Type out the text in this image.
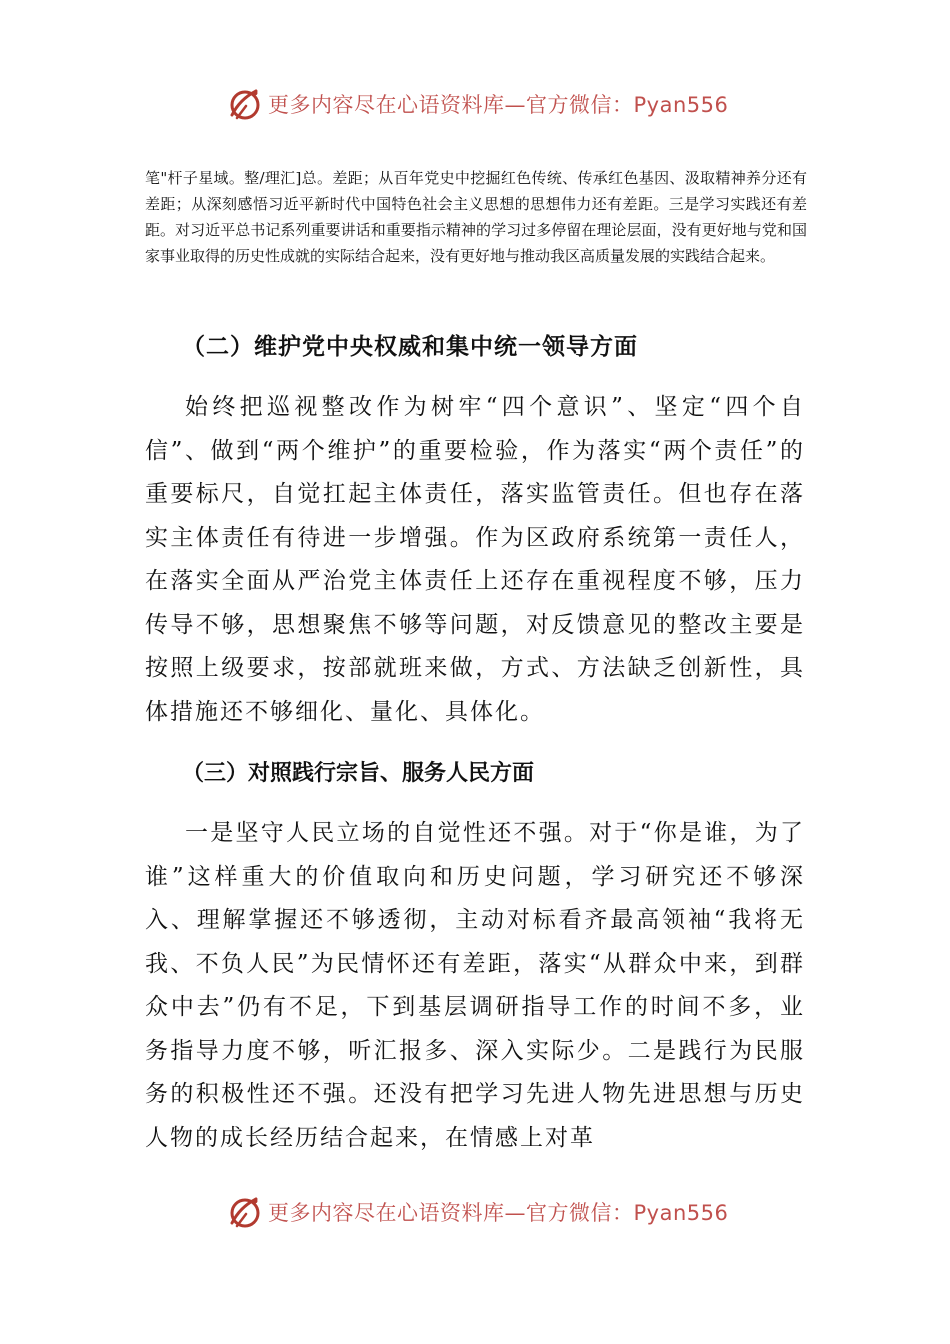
更多内容尽在心语资料库—官方微信：Pyan556

笔"杆子星域。整/理汇]总。差距；从百年党史中挖掘红色传统、传承红色基因、汲取精神养分还有差距；从深刻感悟习近平新时代中国特色社会主义思想的思想伟力还有差距。三是学习实践还有差距。对习近平总书记系列重要讲话和重要指示精神的学习过多停留在理论层面，没有更好地与党和国家事业取得的历史性成就的实际结合起来，没有更好地与推动我区高质量发展的实践结合起来。

（二）维护党中央权威和集中统一领导方面

始终把巡视整改作为树牢“四个意识”、坚定“四个自信”、做到“两个维护”的重要检验，作为落实“两个责任”的重要标尺，自觉扛起主体责任，落实监管责任。但也存在落实主体责任有待进一步增强。作为区政府系统第一责任人，在落实全面从严治党主体责任上还存在重视程度不够，压力传导不够，思想聚焦不够等问题，对反馈意见的整改主要是按照上级要求，按部就班来做，方式、方法缺乏创新性，具体措施还不够细化、量化、具体化。

（三）对照践行宗旨、服务人民方面

一是坚守人民立场的自觉性还不强。对于“你是谁，为了谁”这样重大的价值取向和历史问题，学习研究还不够深入、理解掌握还不够透彻，主动对标看齐最高领袖“我将无我、不负人民”为民情怀还有差距，落实“从群众中来，到群众中去”仍有不足，下到基层调研指导工作的时间不多，业务指导力度不够，听汇报多、深入实际少。二是践行为民服务的积极性还不强。还没有把学习先进人物先进思想与历史人物的成长经历结合起来，在情感上对革

更多内容尽在心语资料库—官方微信：Pyan556
